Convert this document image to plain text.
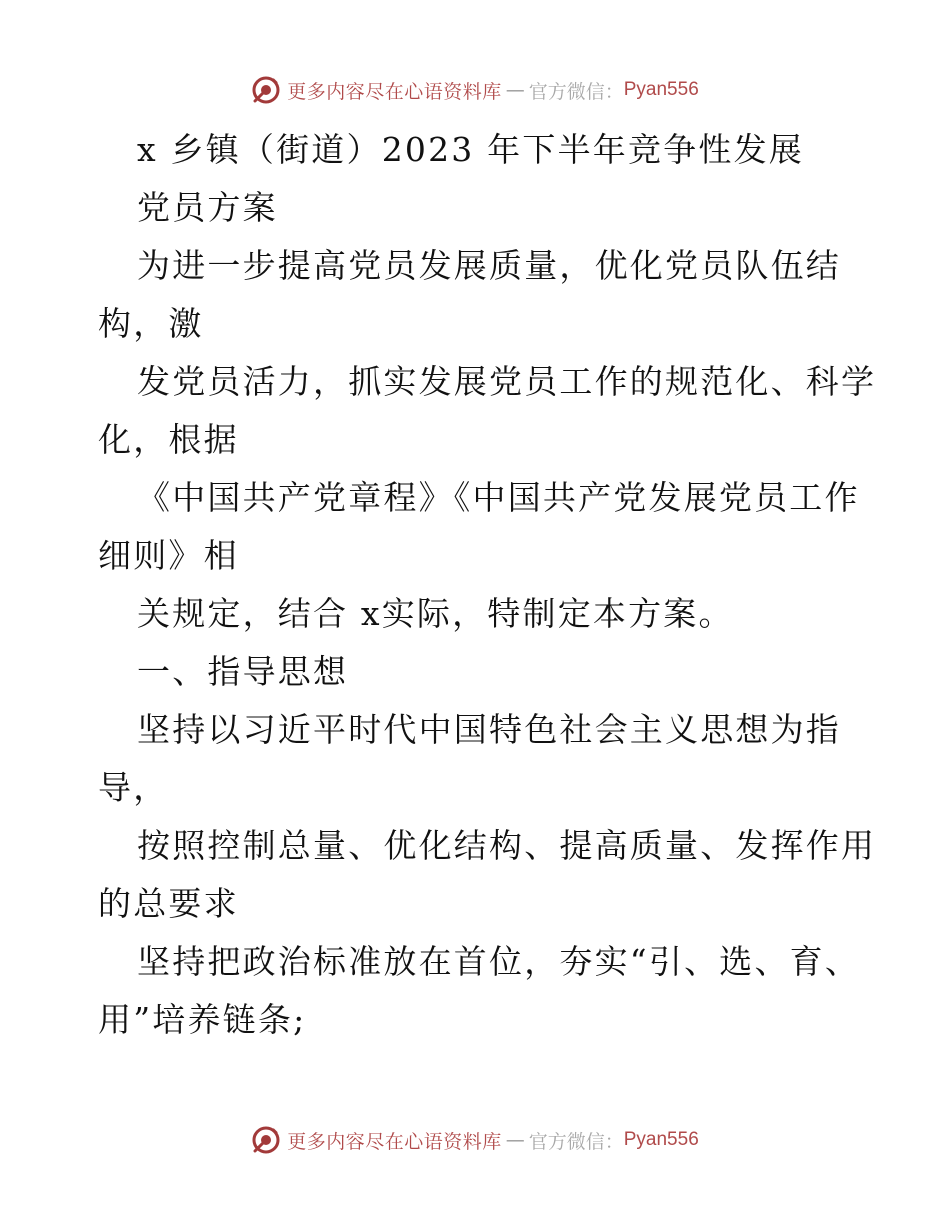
更多内容尽在心语资料库 — 官方微信： Pyan556
x 乡镇（街道）2023 年下半年竞争性发展
党员方案
为进一步提高党员发展质量，优化党员队伍结
构，激
发党员活力，抓实发展党员工作的规范化、科学
化，根据
《中国共产党章程》《中国共产党发展党员工作
细则》相
关规定，结合 x实际，特制定本方案。
一、指导思想
坚持以习近平时代中国特色社会主义思想为指
导，
按照控制总量、优化结构、提高质量、发挥作用
的总要求
坚持把政治标准放在首位，夯实“引、选、育、
用”培养链条;
更多内容尽在心语资料库 — 官方微信： Pyan556
